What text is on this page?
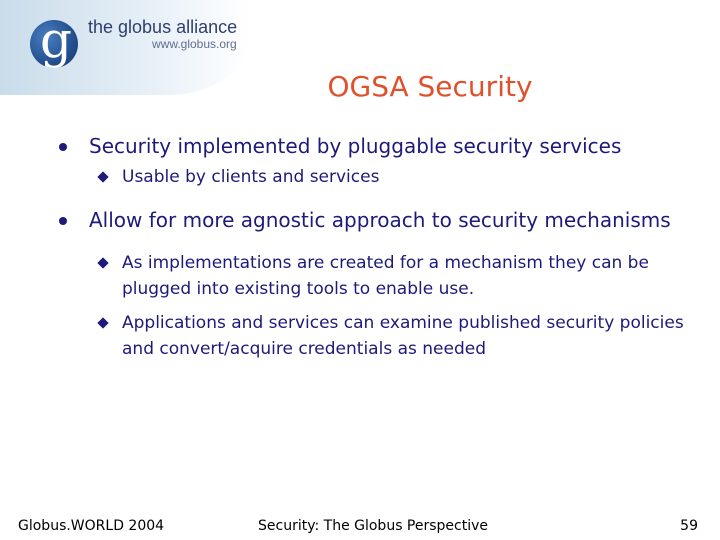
g the globus alliance
www.globus.org
OGSA Security
Security implemented by pluggable security services
Usable by clients and services
Allow for more agnostic approach to security mechanisms
As implementations are created for a mechanism they can be plugged into existing tools to enable use.
Applications and services can examine published security policies and convert/acquire credentials as needed
Globus.WORLD 2004	Security: The Globus Perspective	59
